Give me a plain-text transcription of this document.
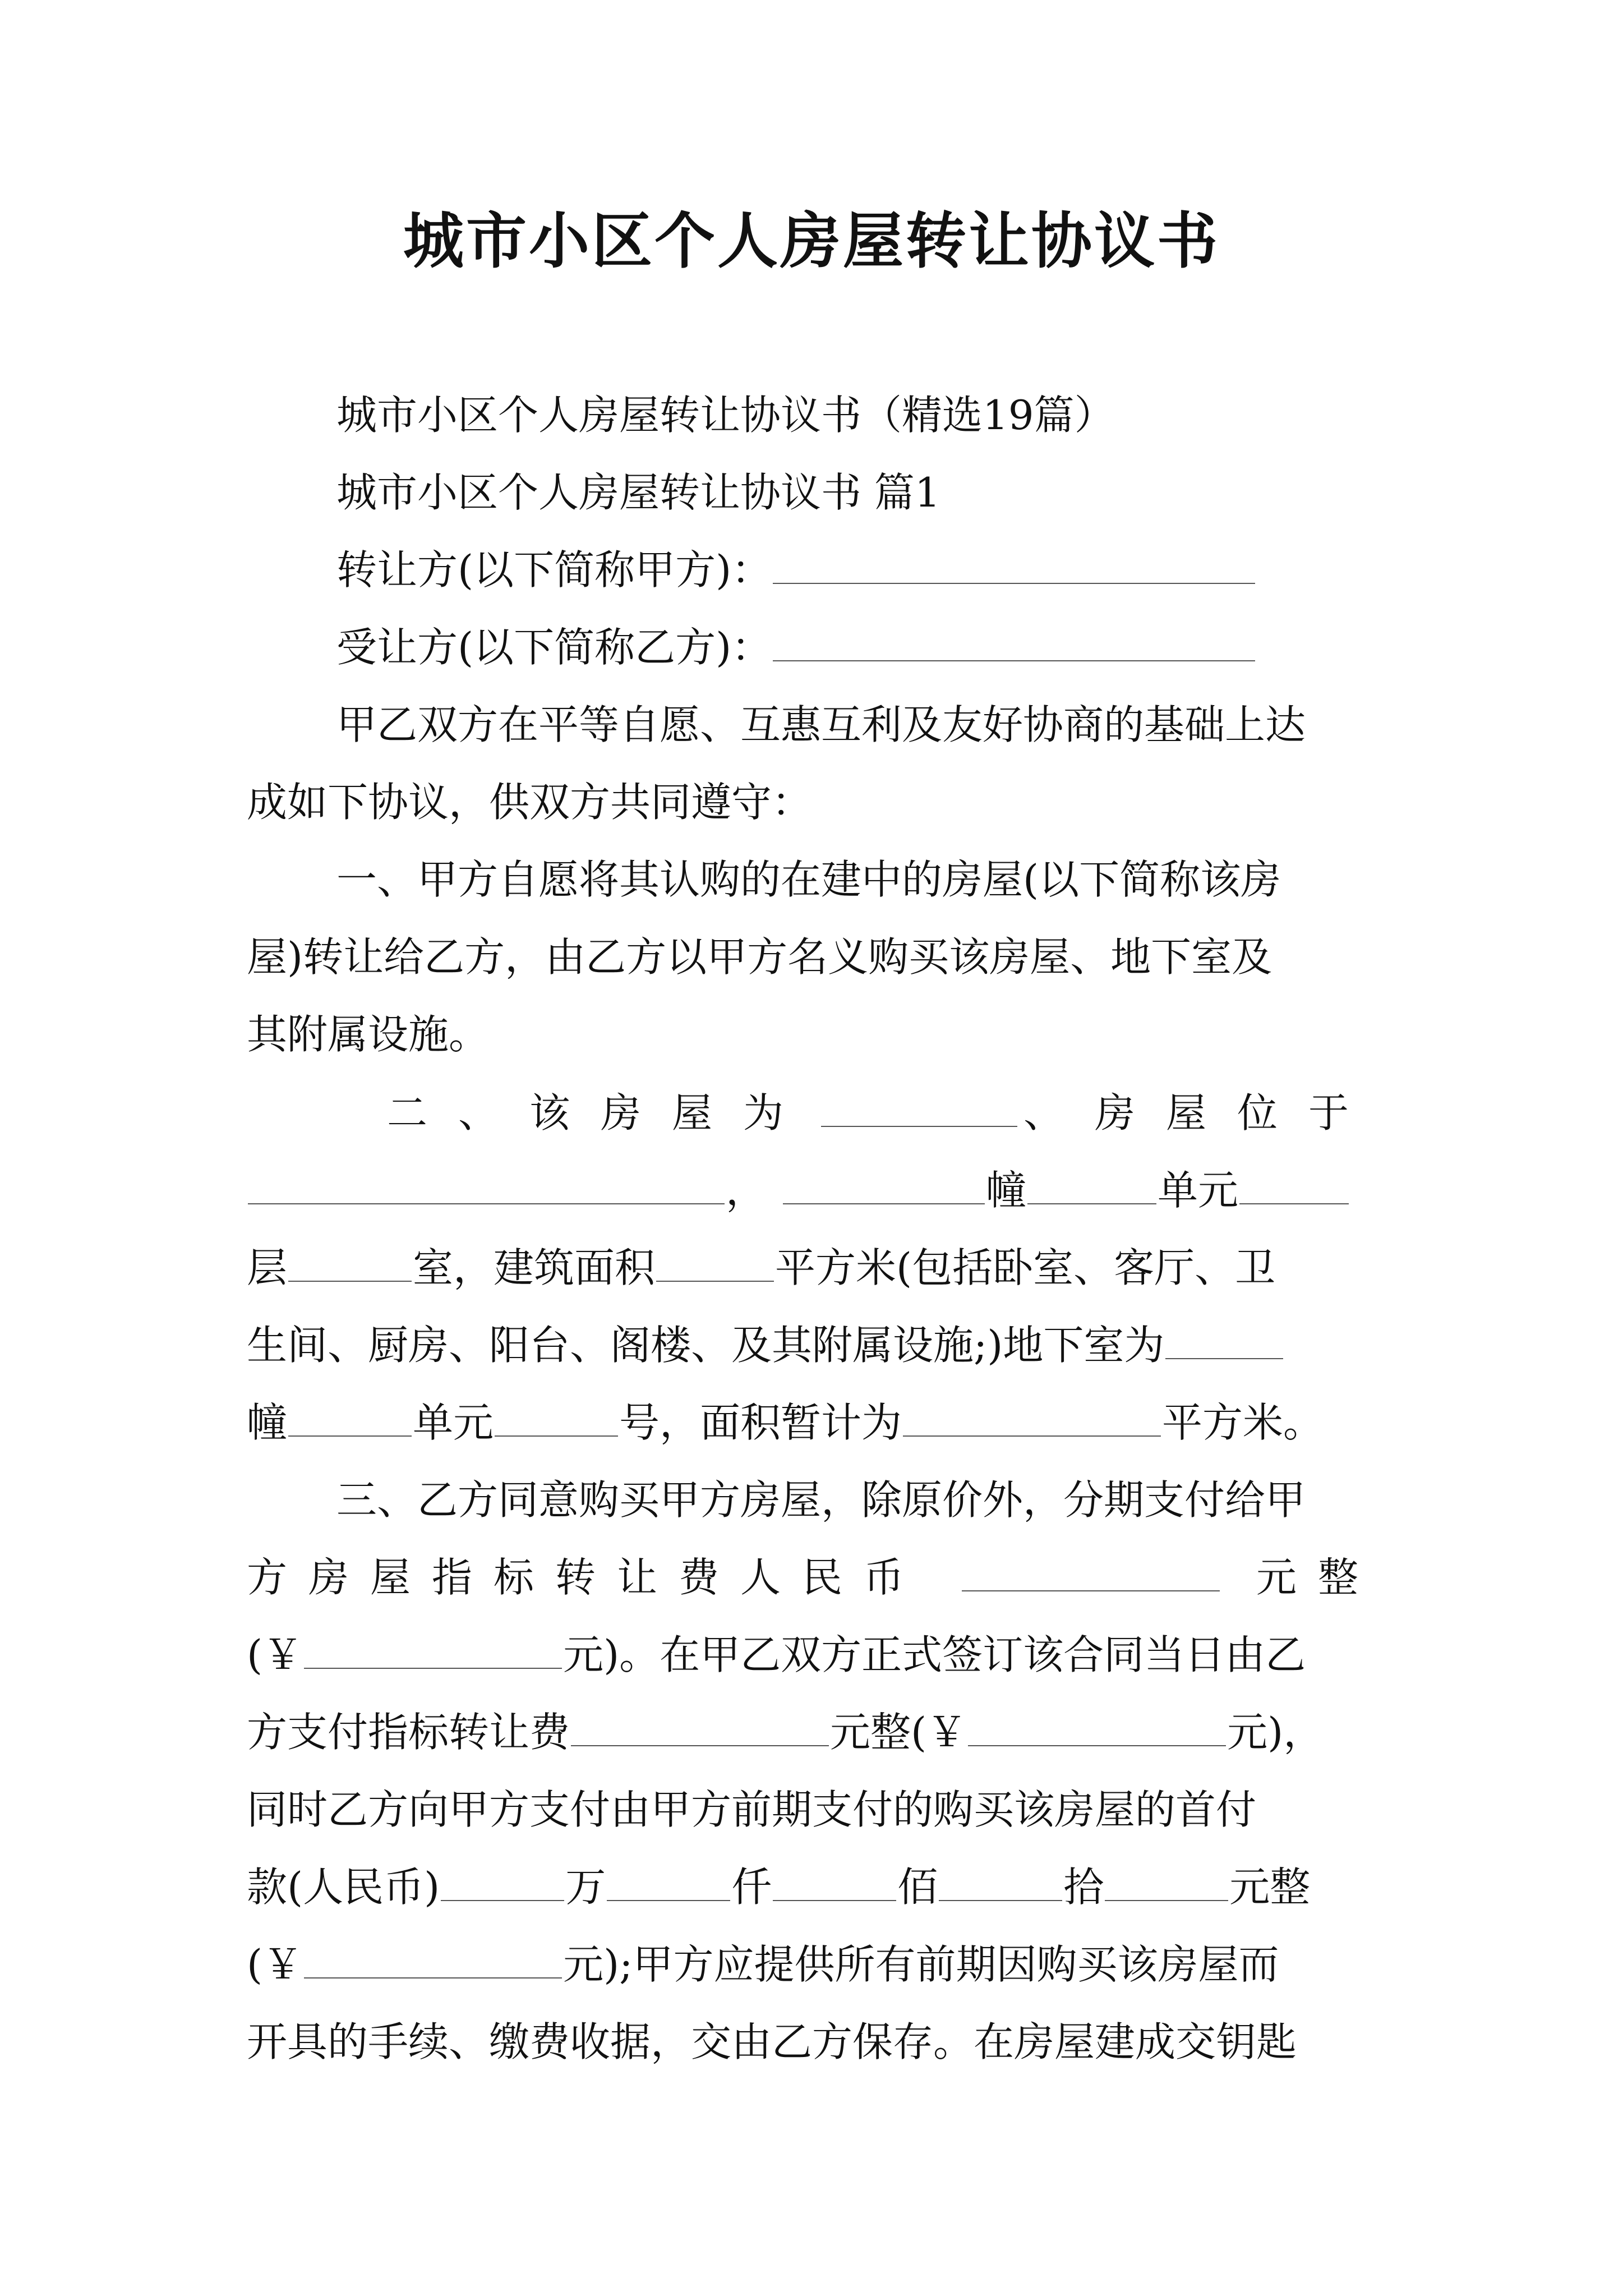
城市小区个人房屋转让协议书
城市小区个人房屋转让协议书（精选19篇）
城市小区个人房屋转让协议书 篇1
转让方(以下简称甲方)：
受让方(以下简称乙方)：
甲乙双方在平等自愿、互惠互利及友好协商的基础上达
成如下协议，供双方共同遵守：
一、甲方自愿将其认购的在建中的房屋(以下简称该房
屋)转让给乙方，由乙方以甲方名义购买该房屋、地下室及
其附属设施。
二、该房屋为	、房屋位于
，	幢	单元
层	室，建筑面积	平方米(包括卧室、客厅、卫
生间、厨房、阳台、阁楼、及其附属设施;)地下室为
幢	单元	号，面积暂计为	平方米。
三、乙方同意购买甲方房屋，除原价外，分期支付给甲
方房屋指标转让费人民币	元整
(￥	元)。在甲乙双方正式签订该合同当日由乙
方支付指标转让费	元整(￥	元)，
同时乙方向甲方支付由甲方前期支付的购买该房屋的首付
款(人民币)	万	仟	佰	拾	元整
(￥	元);甲方应提供所有前期因购买该房屋而
开具的手续、缴费收据，交由乙方保存。在房屋建成交钥匙
